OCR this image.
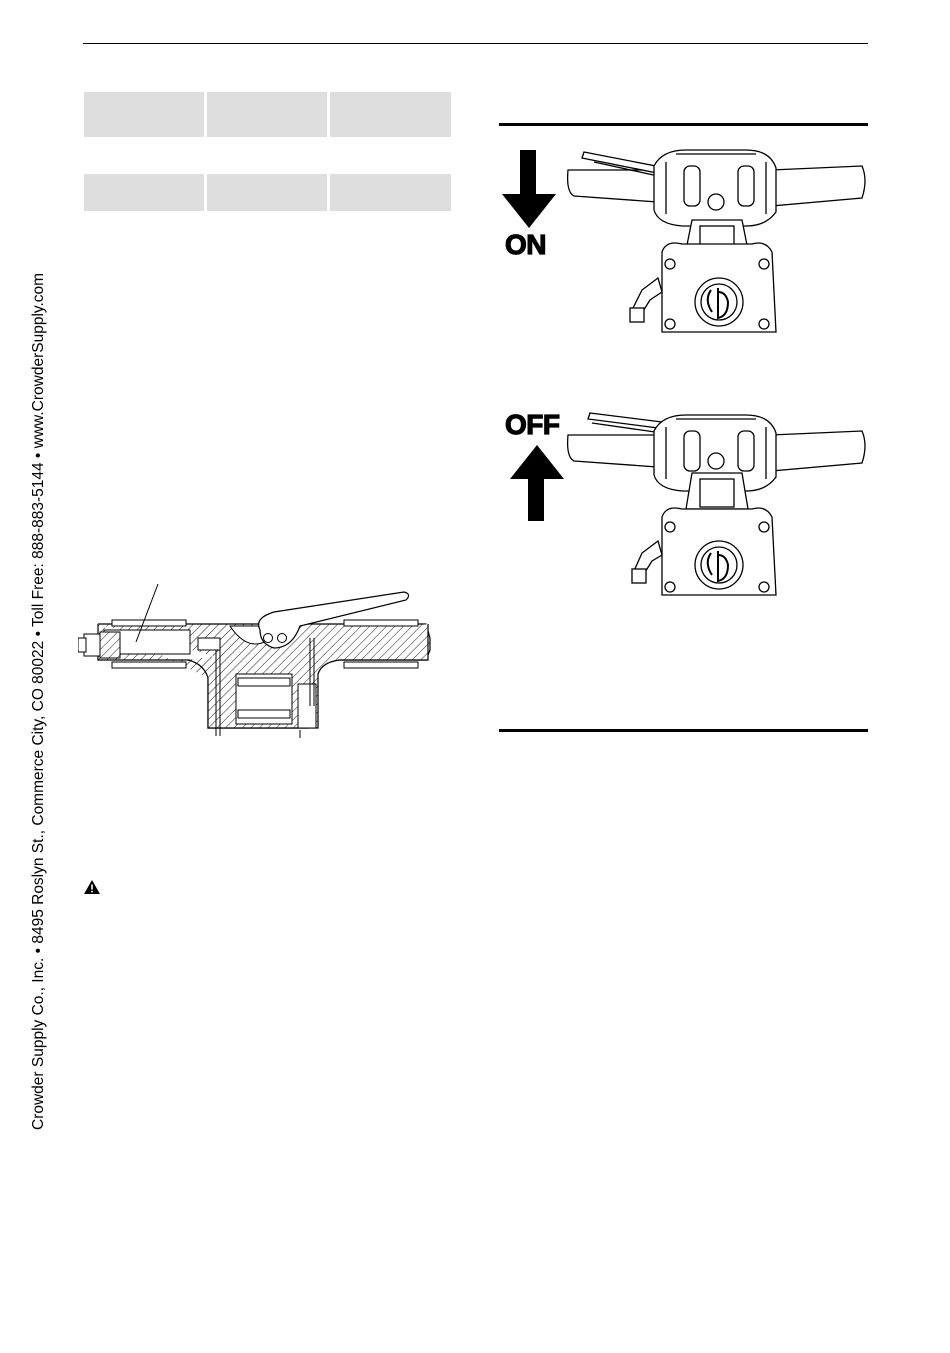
Crowder Supply Co., Inc. • 8495 Roslyn St., Commerce City, CO 80022 • Toll Free: 888-883-5144 • www.CrowderSupply.com
ON
OFF
